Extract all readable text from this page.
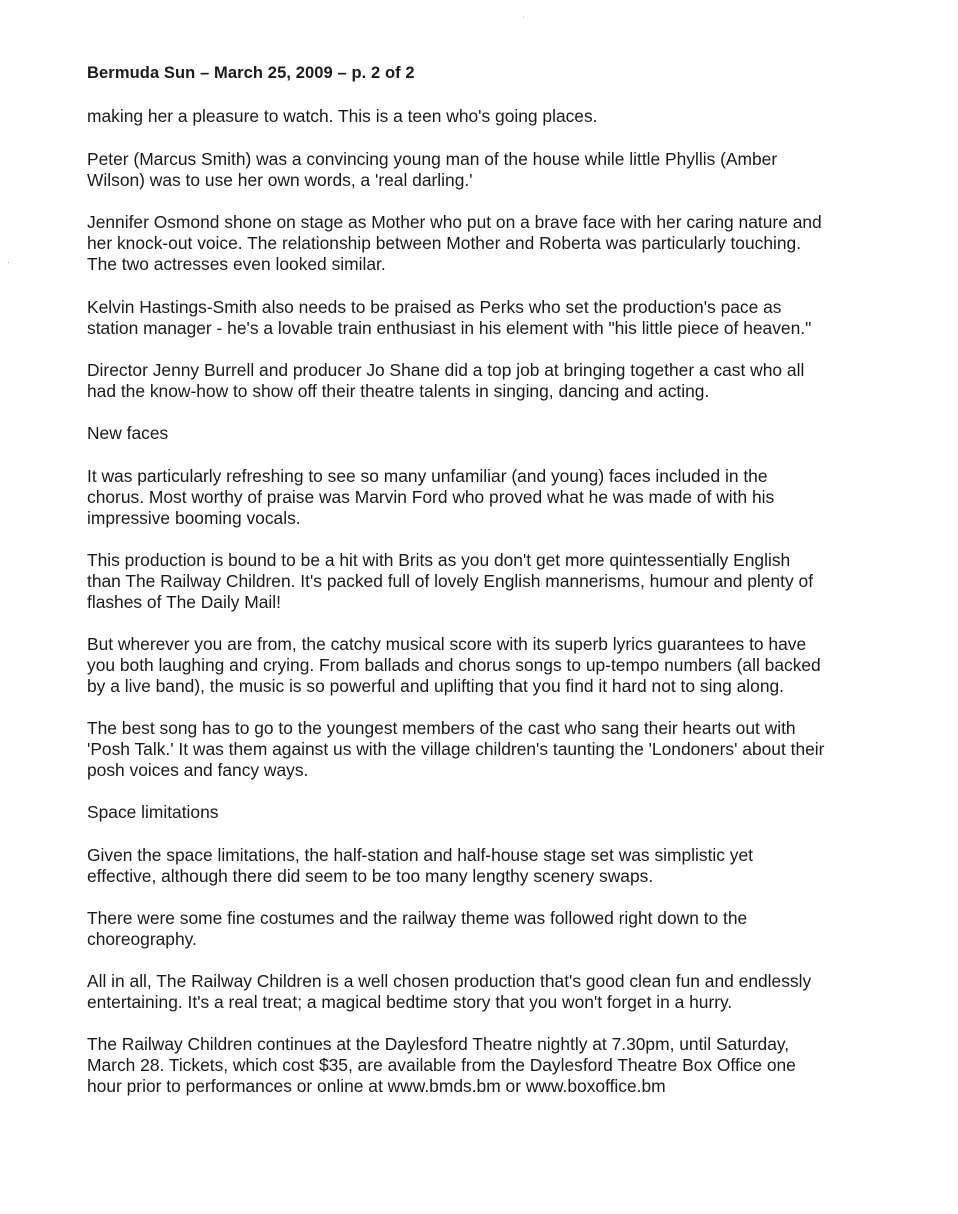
Bermuda Sun – March 25, 2009 – p. 2 of 2

making her a pleasure to watch. This is a teen who's going places.

Peter (Marcus Smith) was a convincing young man of the house while little Phyllis (Amber
Wilson) was to use her own words, a 'real darling.'

Jennifer Osmond shone on stage as Mother who put on a brave face with her caring nature and
her knock-out voice. The relationship between Mother and Roberta was particularly touching.
The two actresses even looked similar.

Kelvin Hastings-Smith also needs to be praised as Perks who set the production's pace as
station manager - he's a lovable train enthusiast in his element with "his little piece of heaven."

Director Jenny Burrell and producer Jo Shane did a top job at bringing together a cast who all
had the know-how to show off their theatre talents in singing, dancing and acting.

New faces

It was particularly refreshing to see so many unfamiliar (and young) faces included in the
chorus. Most worthy of praise was Marvin Ford who proved what he was made of with his
impressive booming vocals.

This production is bound to be a hit with Brits as you don't get more quintessentially English
than The Railway Children. It's packed full of lovely English mannerisms, humour and plenty of
flashes of The Daily Mail!

But wherever you are from, the catchy musical score with its superb lyrics guarantees to have
you both laughing and crying. From ballads and chorus songs to up-tempo numbers (all backed
by a live band), the music is so powerful and uplifting that you find it hard not to sing along.

The best song has to go to the youngest members of the cast who sang their hearts out with
'Posh Talk.' It was them against us with the village children's taunting the 'Londoners' about their
posh voices and fancy ways.

Space limitations

Given the space limitations, the half-station and half-house stage set was simplistic yet
effective, although there did seem to be too many lengthy scenery swaps.

There were some fine costumes and the railway theme was followed right down to the
choreography.

All in all, The Railway Children is a well chosen production that's good clean fun and endlessly
entertaining. It's a real treat; a magical bedtime story that you won't forget in a hurry.

The Railway Children continues at the Daylesford Theatre nightly at 7.30pm, until Saturday,
March 28. Tickets, which cost $35, are available from the Daylesford Theatre Box Office one
hour prior to performances or online at www.bmds.bm or www.boxoffice.bm
